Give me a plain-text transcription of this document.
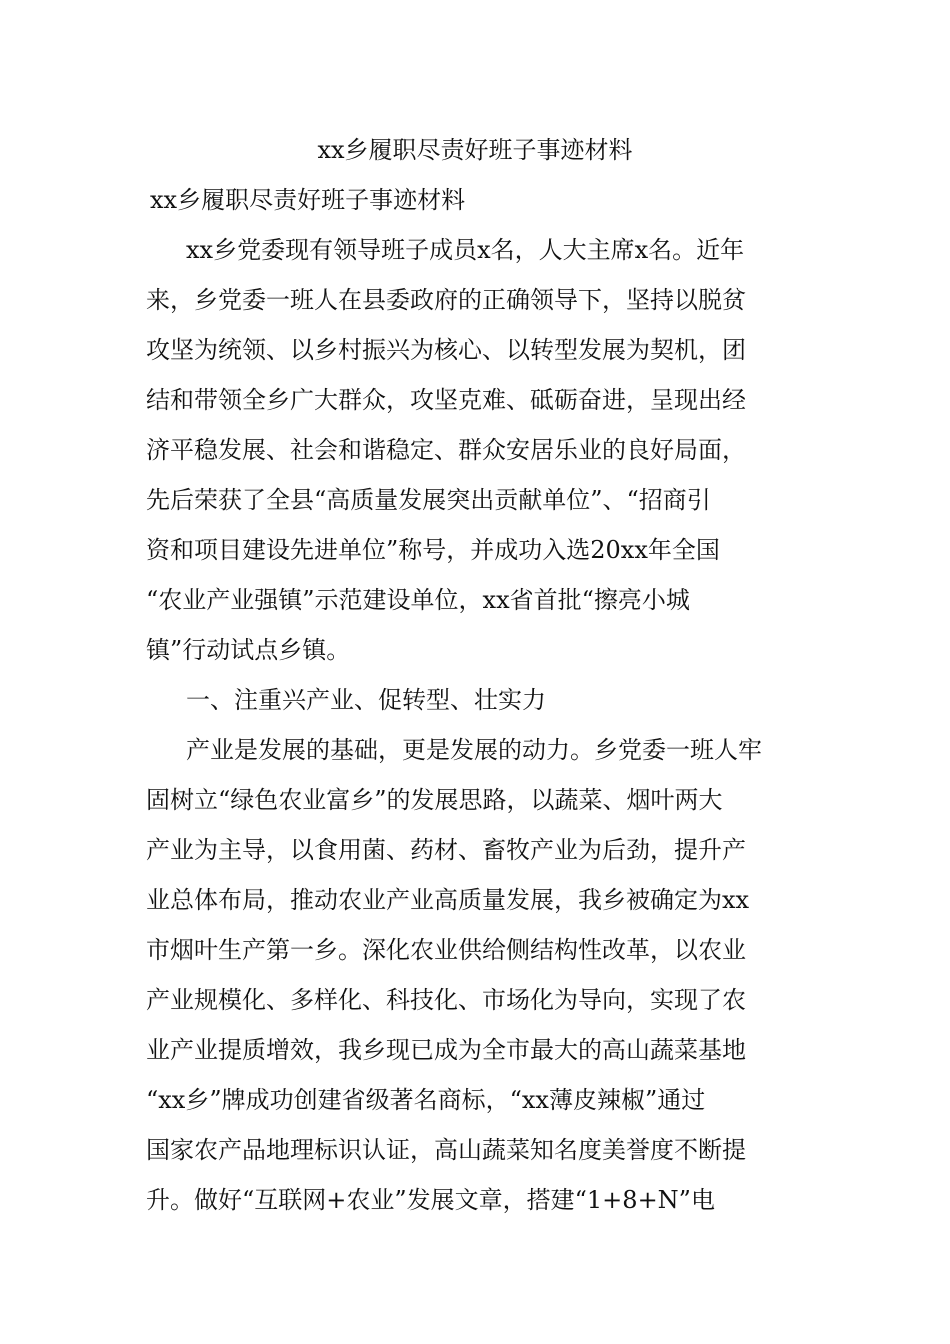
xx乡履职尽责好班子事迹材料
xx乡履职尽责好班子事迹材料
xx乡党委现有领导班子成员x名，人大主席x名。近年
来，乡党委一班人在县委政府的正确领导下，坚持以脱贫
攻坚为统领、以乡村振兴为核心、以转型发展为契机，团
结和带领全乡广大群众，攻坚克难、砥砺奋进，呈现出经
济平稳发展、社会和谐稳定、群众安居乐业的良好局面，
先后荣获了全县“高质量发展突出贡献单位”、“招商引
资和项目建设先进单位”称号，并成功入选20xx年全国
“农业产业强镇”示范建设单位，xx省首批“擦亮小城
镇”行动试点乡镇。
一、注重兴产业、促转型、壮实力
产业是发展的基础，更是发展的动力。乡党委一班人牢
固树立“绿色农业富乡”的发展思路，以蔬菜、烟叶两大
产业为主导，以食用菌、药材、畜牧产业为后劲，提升产
业总体布局，推动农业产业高质量发展，我乡被确定为xx
市烟叶生产第一乡。深化农业供给侧结构性改革，以农业
产业规模化、多样化、科技化、市场化为导向，实现了农
业产业提质增效，我乡现已成为全市最大的高山蔬菜基地
“xx乡”牌成功创建省级著名商标，“xx薄皮辣椒”通过
国家农产品地理标识认证，高山蔬菜知名度美誉度不断提
升。做好“互联网+农业”发展文章，搭建“1+8+N”电
